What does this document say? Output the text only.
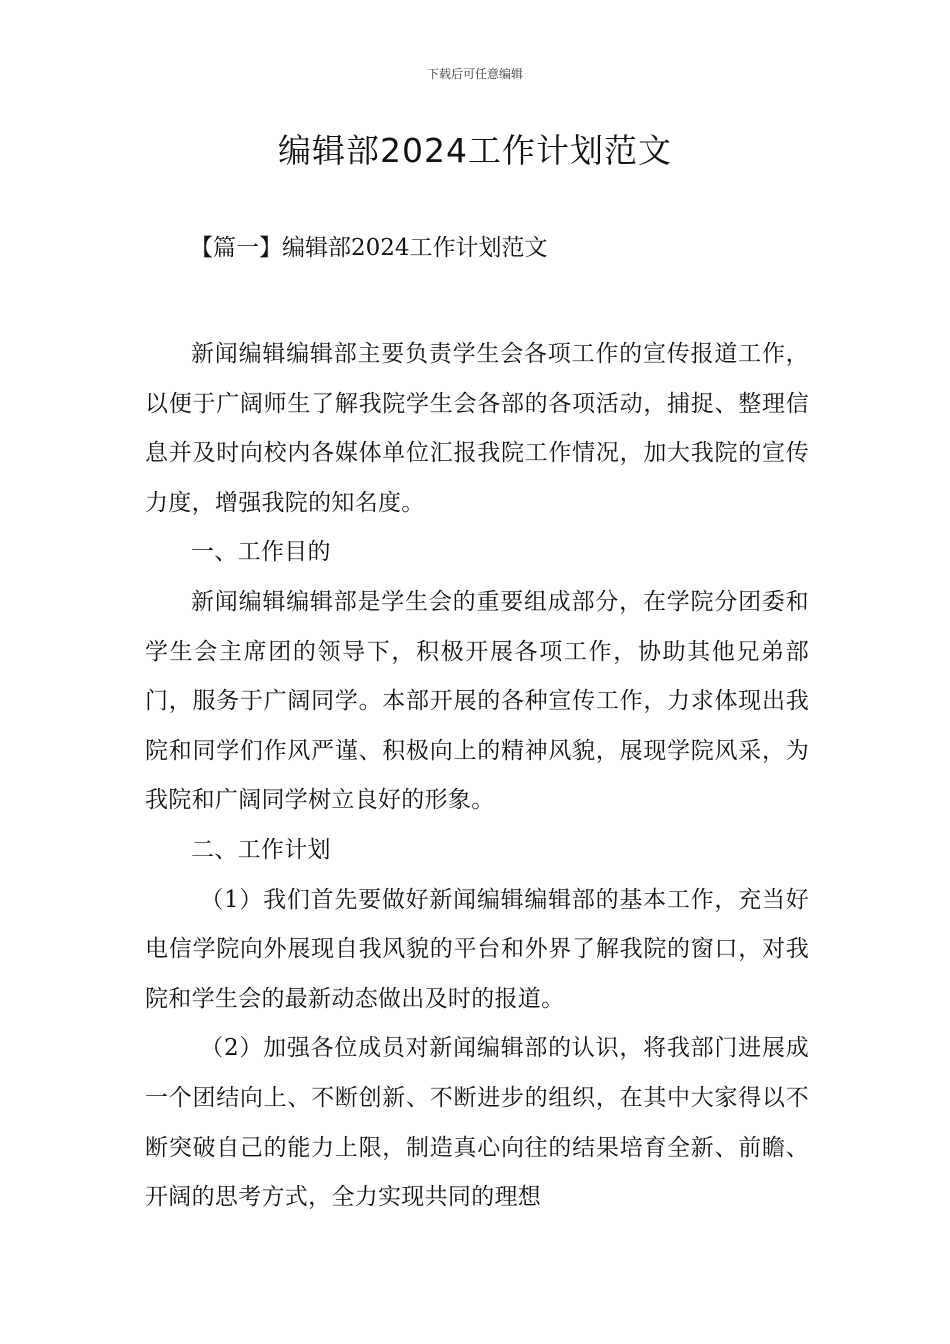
下载后可任意编辑
编辑部2024工作计划范文
【篇一】编辑部2024工作计划范文

新闻编辑编辑部主要负责学生会各项工作的宣传报道工作，以便于广阔师生了解我院学生会各部的各项活动，捕捉、整理信息并及时向校内各媒体单位汇报我院工作情况，加大我院的宣传力度，增强我院的知名度。

一、工作目的

新闻编辑编辑部是学生会的重要组成部分，在学院分团委和学生会主席团的领导下，积极开展各项工作，协助其他兄弟部门，服务于广阔同学。本部开展的各种宣传工作，力求体现出我院和同学们作风严谨、积极向上的精神风貌，展现学院风采，为我院和广阔同学树立良好的形象。

二、工作计划

（1）我们首先要做好新闻编辑编辑部的基本工作，充当好电信学院向外展现自我风貌的平台和外界了解我院的窗口，对我院和学生会的最新动态做出及时的报道。

（2）加强各位成员对新闻编辑部的认识，将我部门进展成一个团结向上、不断创新、不断进步的组织，在其中大家得以不断突破自己的能力上限，制造真心向往的结果培育全新、前瞻、开阔的思考方式，全力实现共同的理想
